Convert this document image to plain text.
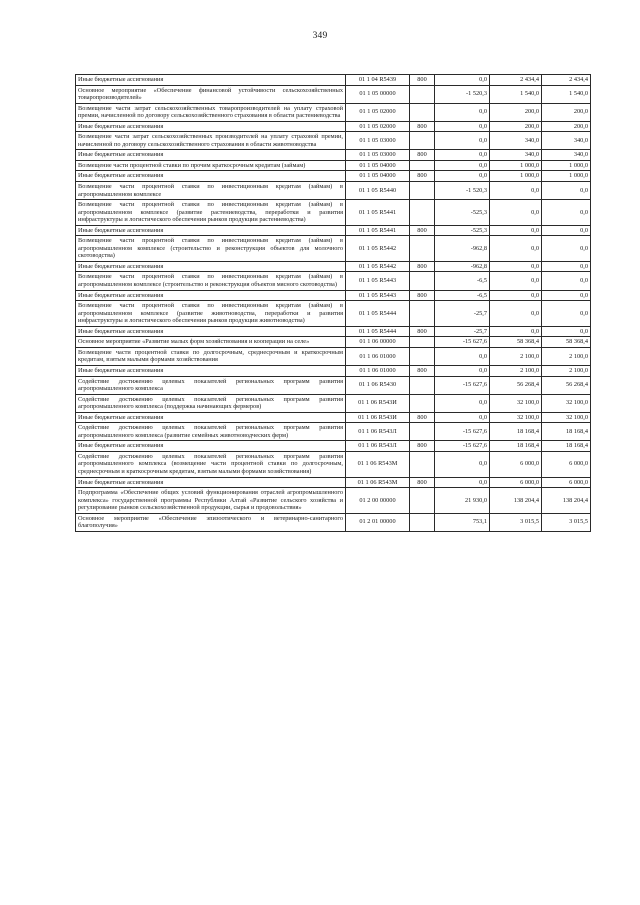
349
Иные бюджетные ассигнования	01 1 04 R5439	800	0,0	2 434,4	2 434,4
Основное мероприятие «Обеспечение финансовой устойчивости сельскохозяйственных товаропроизводителей»	01 1 05 00000		-1 520,3	1 540,0	1 540,0
Возмещение части затрат сельскохозяйственных товаропроизводителей на уплату страховой премии, начисленной по договору сельскохозяйственного страхования в области растениеводства	01 1 05 02000		0,0	200,0	200,0
Иные бюджетные ассигнования	01 1 05 02000	800	0,0	200,0	200,0
Возмещение части затрат сельскохозяйственных производителей на уплату страховой премии, начисленной по договору сельскохозяйственного страхования в области животноводства	01 1 05 03000		0,0	340,0	340,0
Иные бюджетные ассигнования	01 1 05 03000	800	0,0	340,0	340,0
Возмещение части процентной ставки по прочим краткосрочным кредитам (займам)	01 1 05 04000		0,0	1 000,0	1 000,0
Иные бюджетные ассигнования	01 1 05 04000	800	0,0	1 000,0	1 000,0
Возмещение части процентной ставки по инвестиционным кредитам (займам) в агропромышленном комплексе	01 1 05 R5440		-1 520,3	0,0	0,0
Возмещение части процентной ставки по инвестиционным кредитам (займам) в агропромышленном комплексе (развитие растениеводства, переработки и развития инфраструктуры и логистического обеспечения рынков продукции растениеводства)	01 1 05 R5441		-525,3	0,0	0,0
Иные бюджетные ассигнования	01 1 05 R5441	800	-525,3	0,0	0,0
Возмещение части процентной ставки по инвестиционным кредитам (займам) в агропромышленном комплексе (строительство и реконструкция объектов для молочного скотоводства)	01 1 05 R5442		-962,8	0,0	0,0
Иные бюджетные ассигнования	01 1 05 R5442	800	-962,8	0,0	0,0
Возмещение части процентной ставки по инвестиционным кредитам (займам) в агропромышленном комплексе (строительство и реконструкция объектов мясного скотоводства)	01 1 05 R5443		-6,5	0,0	0,0
Иные бюджетные ассигнования	01 1 05 R5443	800	-6,5	0,0	0,0
Возмещение части процентной ставки по инвестиционным кредитам (займам) в агропромышленном комплексе (развитие животноводства, переработки и развития инфраструктуры и логистического обеспечения рынков продукции животноводства)	01 1 05 R5444		-25,7	0,0	0,0
Иные бюджетные ассигнования	01 1 05 R5444	800	-25,7	0,0	0,0
Основное мероприятие «Развитие малых форм хозяйствования и кооперации на селе»	01 1 06 00000		-15 627,6	58 368,4	58 368,4
Возмещение части процентной ставки по долгосрочным, среднесрочным и краткосрочным кредитам, взятым малыми формами хозяйствования	01 1 06 01000		0,0	2 100,0	2 100,0
Иные бюджетные ассигнования	01 1 06 01000	800	0,0	2 100,0	2 100,0
Содействие достижению целевых показателей региональных программ развития агропромышленного комплекса	01 1 06 R5430		-15 627,6	56 268,4	56 268,4
Содействие достижению целевых показателей региональных программ развития агропромышленного комплекса (поддержка начинающих фермеров)	01 1 06 R543И		0,0	32 100,0	32 100,0
Иные бюджетные ассигнования	01 1 06 R543И	800	0,0	32 100,0	32 100,0
Содействие достижению целевых показателей региональных программ развития агропромышленного комплекса (развитие семейных животноводческих ферм)	01 1 06 R543Л		-15 627,6	18 168,4	18 168,4
Иные бюджетные ассигнования	01 1 06 R543Л	800	-15 627,6	18 168,4	18 168,4
Содействие достижению целевых показателей региональных программ развития агропромышленного комплекса (возмещение части процентной ставки по долгосрочным, среднесрочным и краткосрочным кредитам, взятым малыми формами хозяйствования)	01 1 06 R543М		0,0	6 000,0	6 000,0
Иные бюджетные ассигнования	01 1 06 R543М	800	0,0	6 000,0	6 000,0
Подпрограмма «Обеспечение общих условий функционирования отраслей агропромышленного комплекса» государственной программы Республики Алтай «Развитие сельского хозяйства и регулирование рынков сельскохозяйственной продукции, сырья и продовольствия»	01 2 00 00000		21 930,0	138 204,4	138 204,4
Основное мероприятие «Обеспечение эпизоотического и ветеринарно-санитарного благополучия»	01 2 01 00000		753,1	3 015,5	3 015,5
